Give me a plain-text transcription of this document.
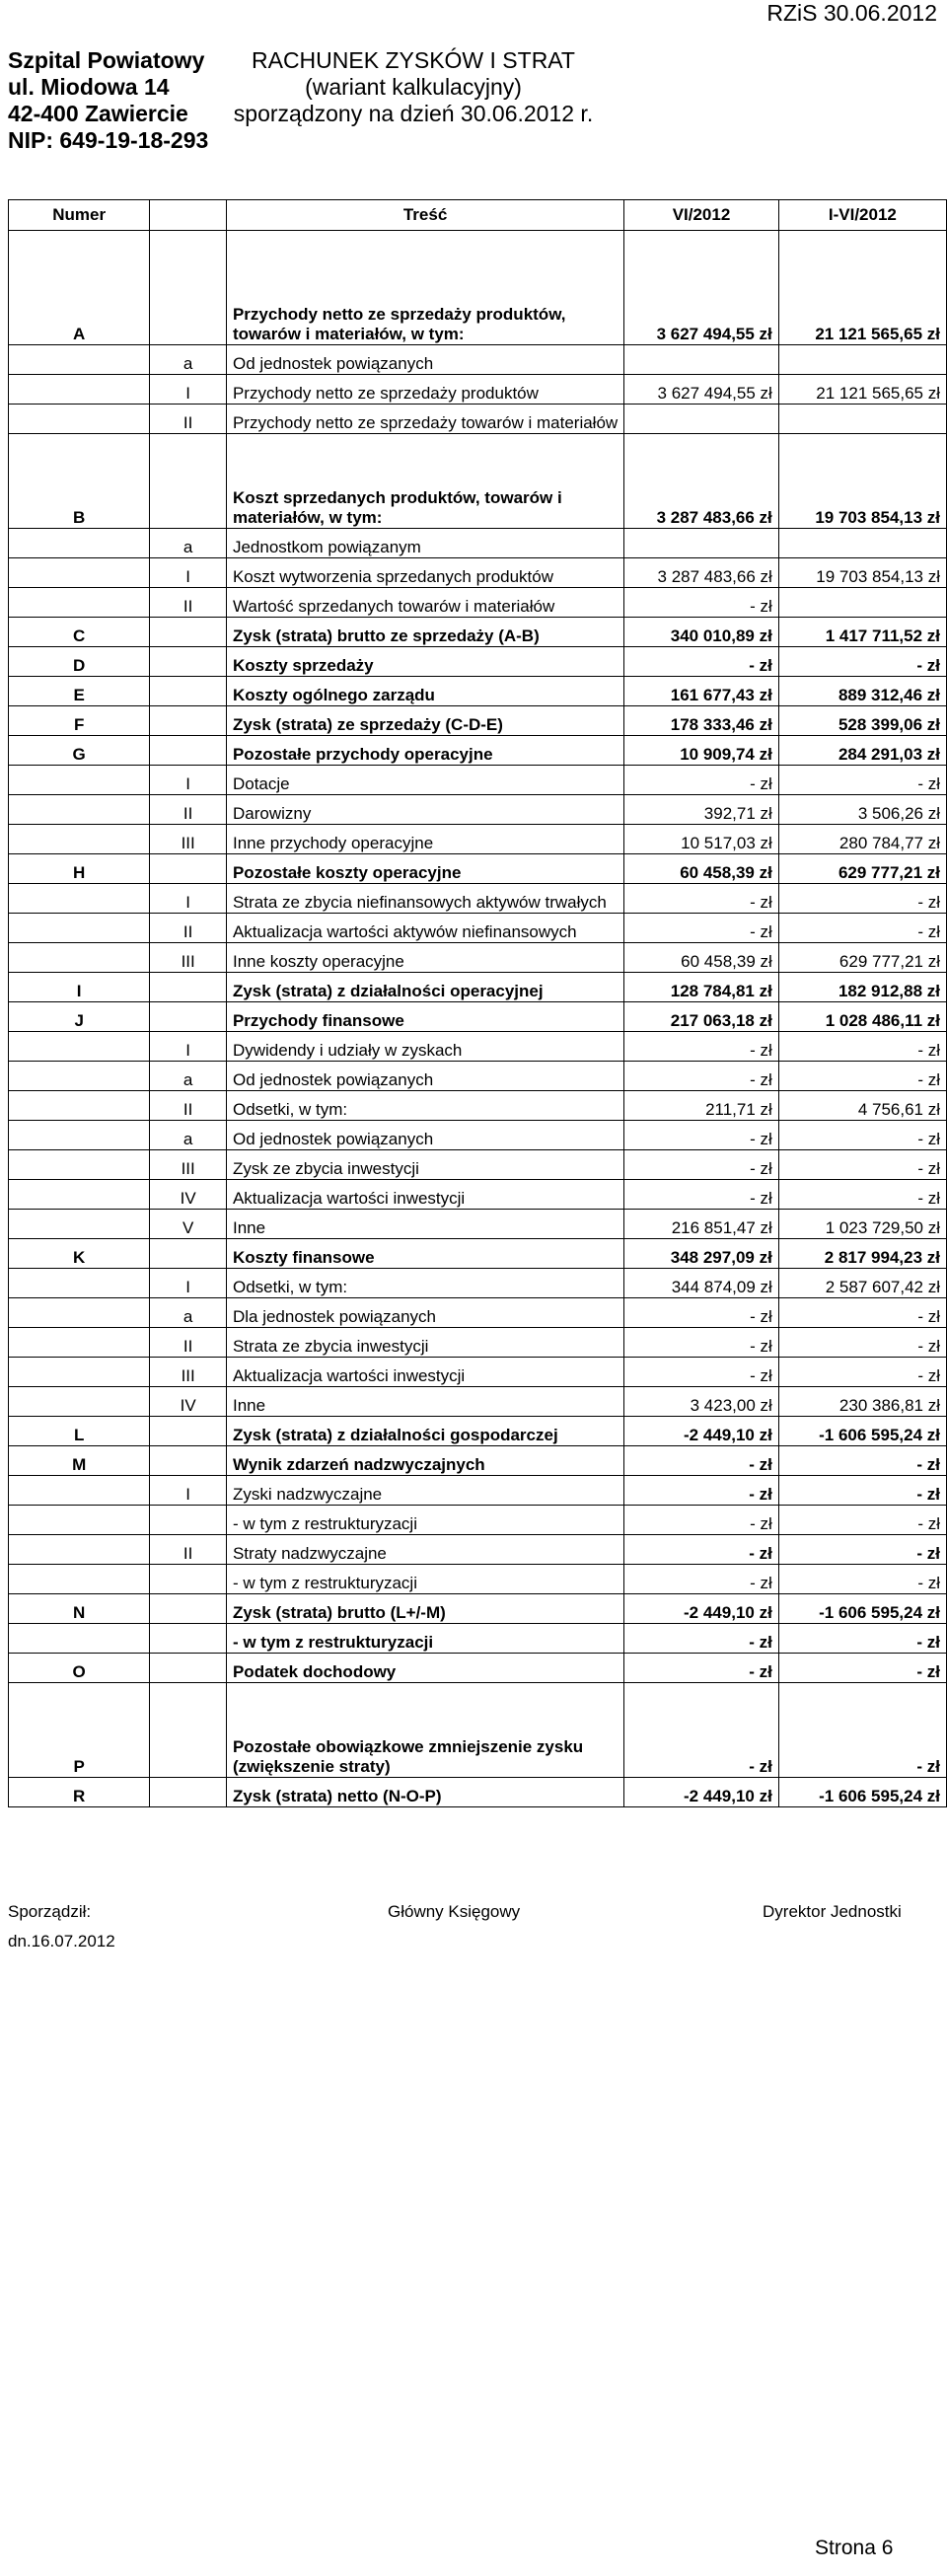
RZiS 30.06.2012
Szpital Powiatowy
ul. Miodowa 14
42-400 Zawiercie
NIP: 649-19-18-293
RACHUNEK ZYSKÓW I STRAT
(wariant kalkulacyjny)
sporządzony na dzień 30.06.2012 r.
Numer		Treść	VI/2012	I-VI/2012
A		Przychody netto ze sprzedaży produktów, towarów i materiałów, w tym:	3 627 494,55 zł	21 121 565,65 zł
	a	Od jednostek powiązanych		
	I	Przychody netto ze sprzedaży produktów	3 627 494,55 zł	21 121 565,65 zł
	II	Przychody netto ze sprzedaży towarów i materiałów		
B		Koszt sprzedanych produktów, towarów i materiałów, w tym:	3 287 483,66 zł	19 703 854,13 zł
	a	Jednostkom powiązanym		
	I	Koszt wytworzenia sprzedanych produktów	3 287 483,66 zł	19 703 854,13 zł
	II	Wartość sprzedanych towarów i materiałów	- zł	
C		Zysk (strata) brutto ze sprzedaży (A-B)	340 010,89 zł	1 417 711,52 zł
D		Koszty sprzedaży	- zł	- zł
E		Koszty ogólnego zarządu	161 677,43 zł	889 312,46 zł
F		Zysk (strata) ze sprzedaży (C-D-E)	178 333,46 zł	528 399,06 zł
G		Pozostałe przychody operacyjne	10 909,74 zł	284 291,03 zł
	I	Dotacje	- zł	- zł
	II	Darowizny	392,71 zł	3 506,26 zł
	III	Inne przychody operacyjne	10 517,03 zł	280 784,77 zł
H		Pozostałe koszty operacyjne	60 458,39 zł	629 777,21 zł
	I	Strata ze zbycia niefinansowych aktywów trwałych	- zł	- zł
	II	Aktualizacja wartości aktywów niefinansowych	- zł	- zł
	III	Inne koszty operacyjne	60 458,39 zł	629 777,21 zł
I		Zysk (strata) z działalności operacyjnej	128 784,81 zł	182 912,88 zł
J		Przychody finansowe	217 063,18 zł	1 028 486,11 zł
	I	Dywidendy i udziały w zyskach	- zł	- zł
	a	Od jednostek powiązanych	- zł	- zł
	II	Odsetki, w tym:	211,71 zł	4 756,61 zł
	a	Od jednostek powiązanych	- zł	- zł
	III	Zysk ze zbycia inwestycji	- zł	- zł
	IV	Aktualizacja wartości inwestycji	- zł	- zł
	V	Inne	216 851,47 zł	1 023 729,50 zł
K		Koszty finansowe	348 297,09 zł	2 817 994,23 zł
	I	Odsetki, w tym:	344 874,09 zł	2 587 607,42 zł
	a	Dla jednostek powiązanych	- zł	- zł
	II	Strata ze zbycia inwestycji	- zł	- zł
	III	Aktualizacja wartości inwestycji	- zł	- zł
	IV	Inne	3 423,00 zł	230 386,81 zł
L		Zysk (strata) z działalności gospodarczej	-2 449,10 zł	-1 606 595,24 zł
M		Wynik zdarzeń nadzwyczajnych	- zł	- zł
	I	Zyski nadzwyczajne	- zł	- zł
		- w tym z restrukturyzacji	- zł	- zł
	II	Straty nadzwyczajne	- zł	- zł
		- w tym z restrukturyzacji	- zł	- zł
N		Zysk (strata) brutto (L+/-M)	-2 449,10 zł	-1 606 595,24 zł
		- w tym z restrukturyzacji	- zł	- zł
O		Podatek dochodowy	- zł	- zł
P		Pozostałe obowiązkowe zmniejszenie zysku (zwiększenie straty)	- zł	- zł
R		Zysk (strata) netto (N-O-P)	-2 449,10 zł	-1 606 595,24 zł
Sporządził:	Główny Księgowy	Dyrektor Jednostki
dn.16.07.2012
Strona 6
